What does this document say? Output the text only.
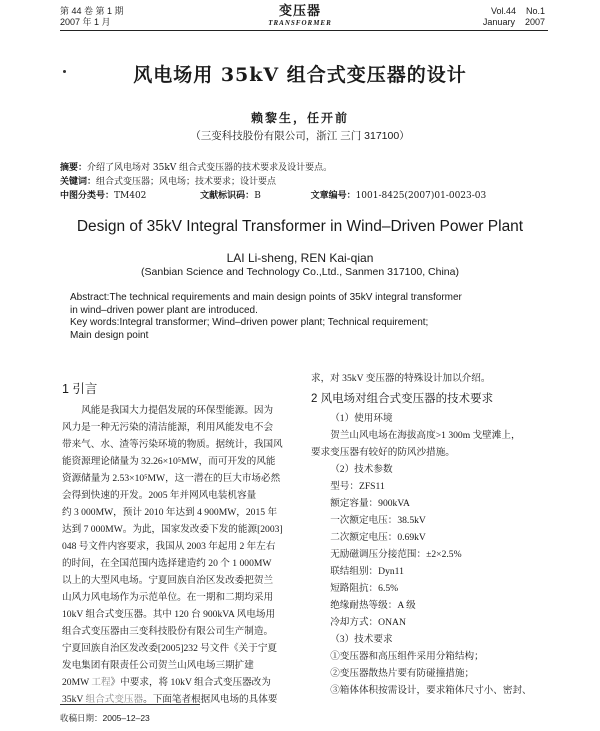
第 44 卷 第 1 期
2007 年 1 月
变压器
TRANSFORMER
Vol.44 No.1
January 2007
风电场用 35kV 组合式变压器的设计
赖黎生，任开前
（三变科技股份有限公司，浙江 三门 317100）
摘要：介绍了风电场对 35kV 组合式变压器的技术要求及设计要点。
关键词：组合式变压器；风电场；技术要求；设计要点
中图分类号：TM402	文献标识码：B	文章编号：1001-8425(2007)01-0023-03
Design of 35kV Integral Transformer in Wind–Driven Power Plant
LAI Li-sheng, REN Kai-qian
(Sanbian Science and Technology Co.,Ltd., Sanmen 317100, China)
Abstract:The technical requirements and main design points of 35kV integral transformer
in wind–driven power plant are introduced.
Key words:Integral transformer; Wind–driven power plant; Technical requirement;
Main design point
1 引言

风能是我国大力提倡发展的环保型能源。因为

风力是一种无污染的清洁能源，利用风能发电不会

带来气、水、渣等污染环境的物质。据统计，我国风

能资源理论储量为 32.26×10⁵MW，而可开发的风能

资源储量为 2.53×10⁵MW，这一潜在的巨大市场必然

会得到快速的开发。2005 年并网风电装机容量

约 3 000MW，预计 2010 年达到 4 900MW，2015 年

达到 7 000MW。为此，国家发改委下发的能源[2003]

048 号文件内容要求，我国从 2003 年起用 2 年左右

的时间，在全国范围内选择建造约 20 个 1 000MW

以上的大型风电场。宁夏回族自治区发改委把贺兰

山风力风电场作为示范单位。在一期和二期均采用

10kV 组合式变压器。其中 120 台 900kVA 风电场用

组合式变压器由三变科技股份有限公司生产制造。

宁夏回族自治区发改委[2005]232 号文件《关于宁夏

发电集团有限责任公司贺兰山风电场三期扩建

20MW 工程》中要求，将 10kV 组合式变压器改为

35kV 组合式变压器。下面笔者根据风电场的具体要

求，对 35kV 变压器的特殊设计加以介绍。

2 风电场对组合式变压器的技术要求

（1）使用环境

贺兰山风电场在海拔高度>1 300m 戈壁滩上，

要求变压器有较好的防风沙措施。

（2）技术参数

型号：ZFS11

额定容量：900kVA

一次额定电压：38.5kV

二次额定电压：0.69kV

无励磁调压分接范围：±2×2.5%

联结组别：Dyn11

短路阻抗：6.5%

绝缘耐热等级：A 级

冷却方式：ONAN

（3）技术要求

①变压器和高压组件采用分箱结构；

②变压器散热片要有防碰撞措施；

③箱体体积按需设计，要求箱体尺寸小、密封、

收稿日期：2005–12–23
